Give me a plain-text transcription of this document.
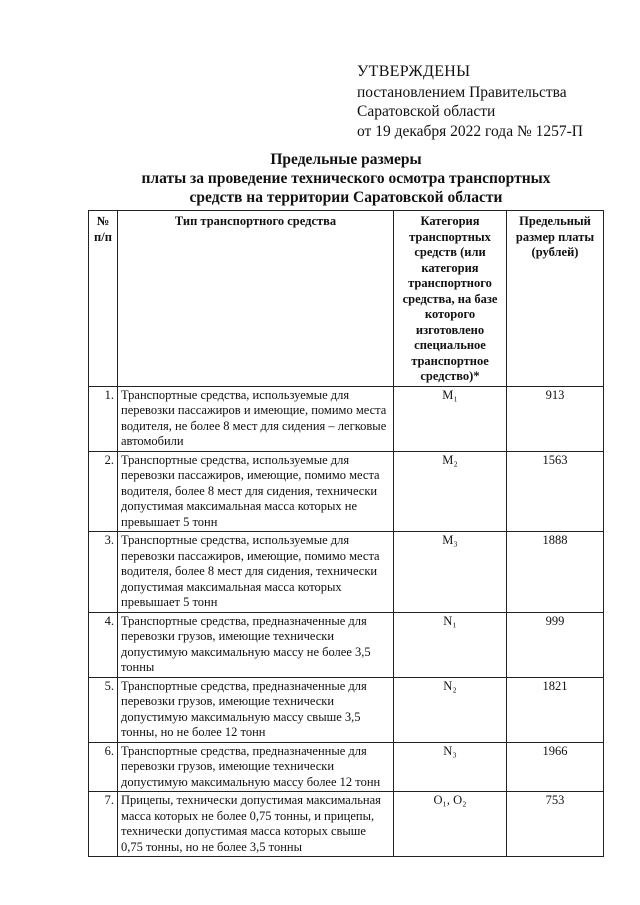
УТВЕРЖДЕНЫ
постановлением Правительства
Саратовской области
от 19 декабря 2022 года № 1257-П
Предельные размеры
платы за проведение технического осмотра транспортных
средств на территории Саратовской области
№ п/п	Тип транспортного средства	Категория транспортных средств (или категория транспортного средства, на базе которого изготовлено специальное транспортное средство)*	Предельный размер платы (рублей)
1.	Транспортные средства, используемые для перевозки пассажиров и имеющие, помимо места водителя, не более 8 мест для сидения – легковые автомобили	M₁	913
2.	Транспортные средства, используемые для перевозки пассажиров, имеющие, помимо места водителя, более 8 мест для сидения, технически допустимая максимальная масса которых не превышает 5 тонн	M₂	1563
3.	Транспортные средства, используемые для перевозки пассажиров, имеющие, помимо места водителя, более 8 мест для сидения, технически допустимая максимальная масса которых превышает 5 тонн	M₃	1888
4.	Транспортные средства, предназначенные для перевозки грузов, имеющие технически допустимую максимальную массу не более 3,5 тонны	N₁	999
5.	Транспортные средства, предназначенные для перевозки грузов, имеющие технически допустимую максимальную массу свыше 3,5 тонны, но не более 12 тонн	N₂	1821
6.	Транспортные средства, предназначенные для перевозки грузов, имеющие технически допустимую максимальную массу более 12 тонн	N₃	1966
7.	Прицепы, технически допустимая максимальная масса которых не более 0,75 тонны, и прицепы, технически допустимая масса которых свыше 0,75 тонны, но не более 3,5 тонны	O₁, O₂	753
